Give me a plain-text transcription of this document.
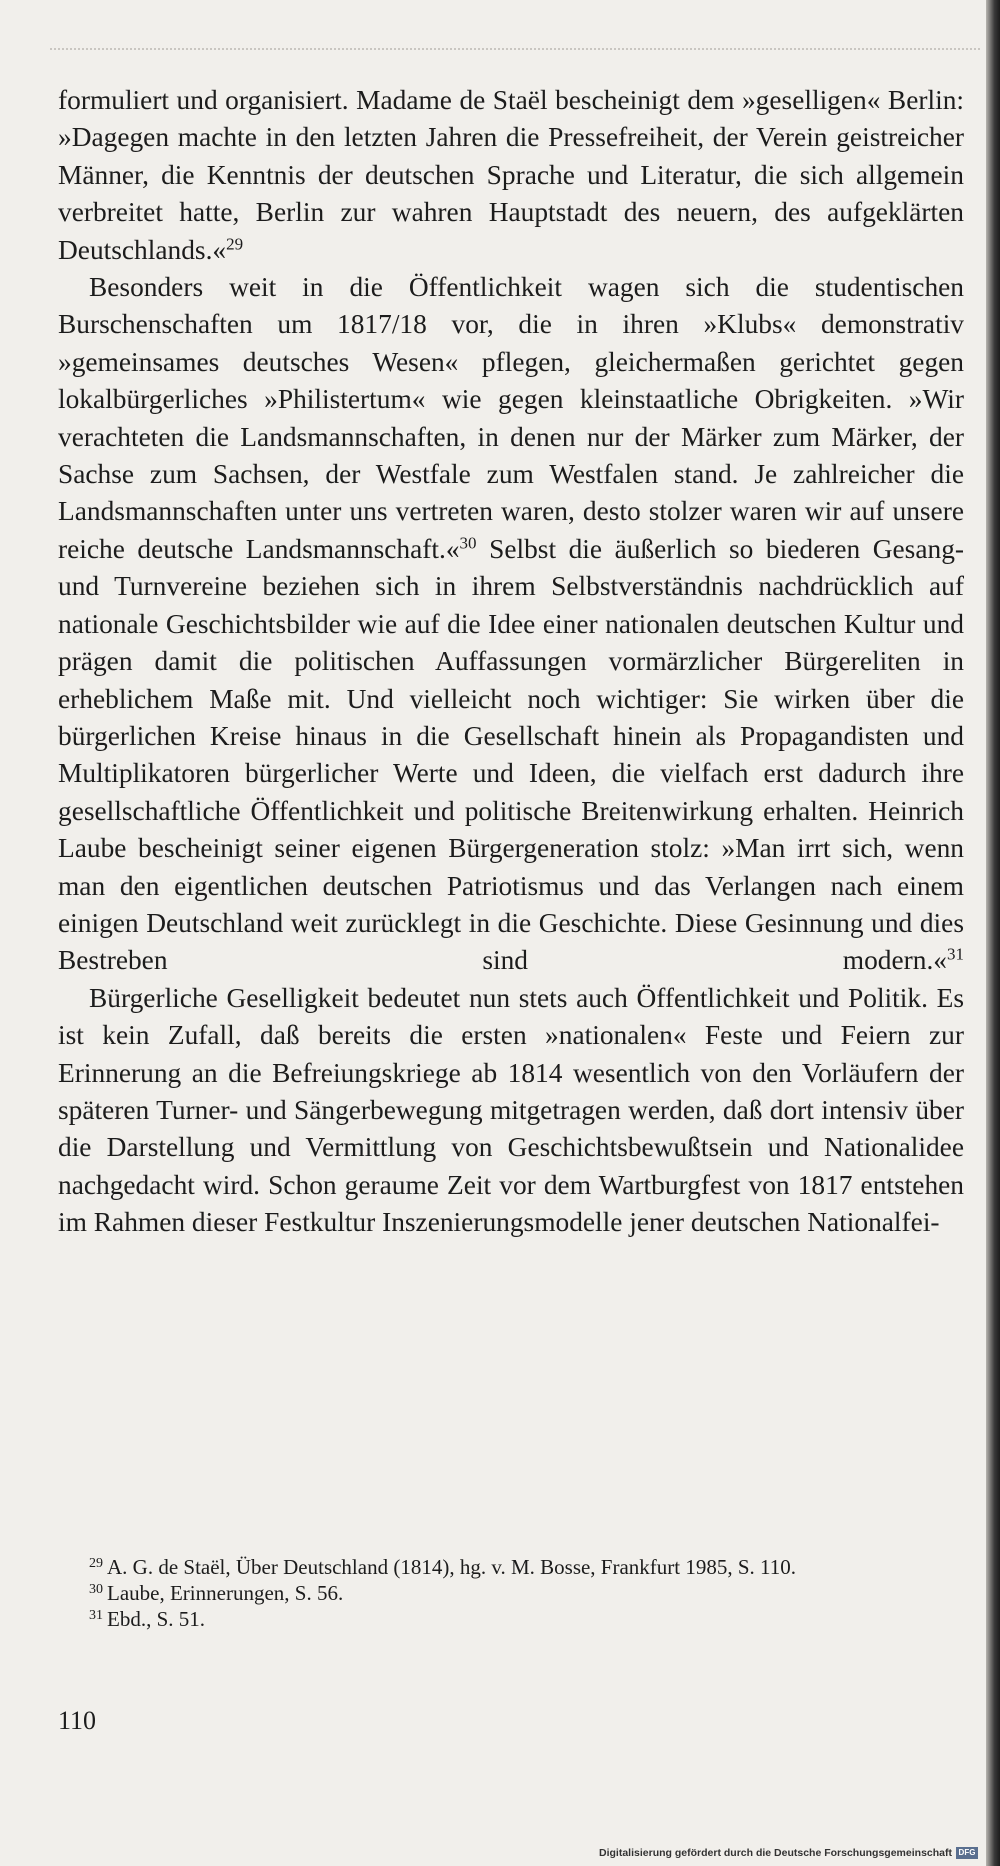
formuliert und organisiert. Madame de Staël bescheinigt dem »geselligen« Berlin: »Dagegen machte in den letzten Jahren die Pressefreiheit, der Verein geistreicher Männer, die Kenntnis der deutschen Sprache und Literatur, die sich allgemein verbreitet hatte, Berlin zur wahren Hauptstadt des neuern, des aufgeklärten Deutschlands.«$^{29}$

Besonders weit in die Öffentlichkeit wagen sich die studentischen Burschenschaften um 1817/18 vor, die in ihren »Klubs« demonstrativ »gemeinsames deutsches Wesen« pflegen, gleichermaßen gerichtet gegen lokalbürgerliches »Philistertum« wie gegen kleinstaatliche Obrigkeiten. »Wir verachteten die Landsmannschaften, in denen nur der Märker zum Märker, der Sachse zum Sachsen, der Westfale zum Westfalen stand. Je zahlreicher die Landsmannschaften unter uns vertreten waren, desto stolzer waren wir auf unsere reiche deutsche Landsmannschaft.«$^{30}$ Selbst die äußerlich so biederen Gesang- und Turnvereine beziehen sich in ihrem Selbstverständnis nachdrücklich auf nationale Geschichtsbilder wie auf die Idee einer nationalen deutschen Kultur und prägen damit die politischen Auffassungen vormärzlicher Bürgereliten in erheblichem Maße mit. Und vielleicht noch wichtiger: Sie wirken über die bürgerlichen Kreise hinaus in die Gesellschaft hinein als Propagandisten und Multiplikatoren bürgerlicher Werte und Ideen, die vielfach erst dadurch ihre gesellschaftliche Öffentlichkeit und politische Breitenwirkung erhalten. Heinrich Laube bescheinigt seiner eigenen Bürgergeneration stolz: »Man irrt sich, wenn man den eigentlichen deutschen Patriotismus und das Verlangen nach einem einigen Deutschland weit zurücklegt in die Geschichte. Diese Gesinnung und dies Bestreben sind modern.«$^{31}$

Bürgerliche Geselligkeit bedeutet nun stets auch Öffentlichkeit und Politik. Es ist kein Zufall, daß bereits die ersten »nationalen« Feste und Feiern zur Erinnerung an die Befreiungskriege ab 1814 wesentlich von den Vorläufern der späteren Turner- und Sängerbewegung mitgetragen werden, daß dort intensiv über die Darstellung und Vermittlung von Geschichtsbewußtsein und Nationalidee nachgedacht wird. Schon geraume Zeit vor dem Wartburgfest von 1817 entstehen im Rahmen dieser Festkultur Inszenierungsmodelle jener deutschen Nationalfei-

$^{29}$ A. G. de Staël, Über Deutschland (1814), hg. v. M. Bosse, Frankfurt 1985, S. 110.

$^{30}$ Laube, Erinnerungen, S. 56.

$^{31}$ Ebd., S. 51.

110
Digitalisierung gefördert durch die Deutsche Forschungsgemeinschaft DFG
